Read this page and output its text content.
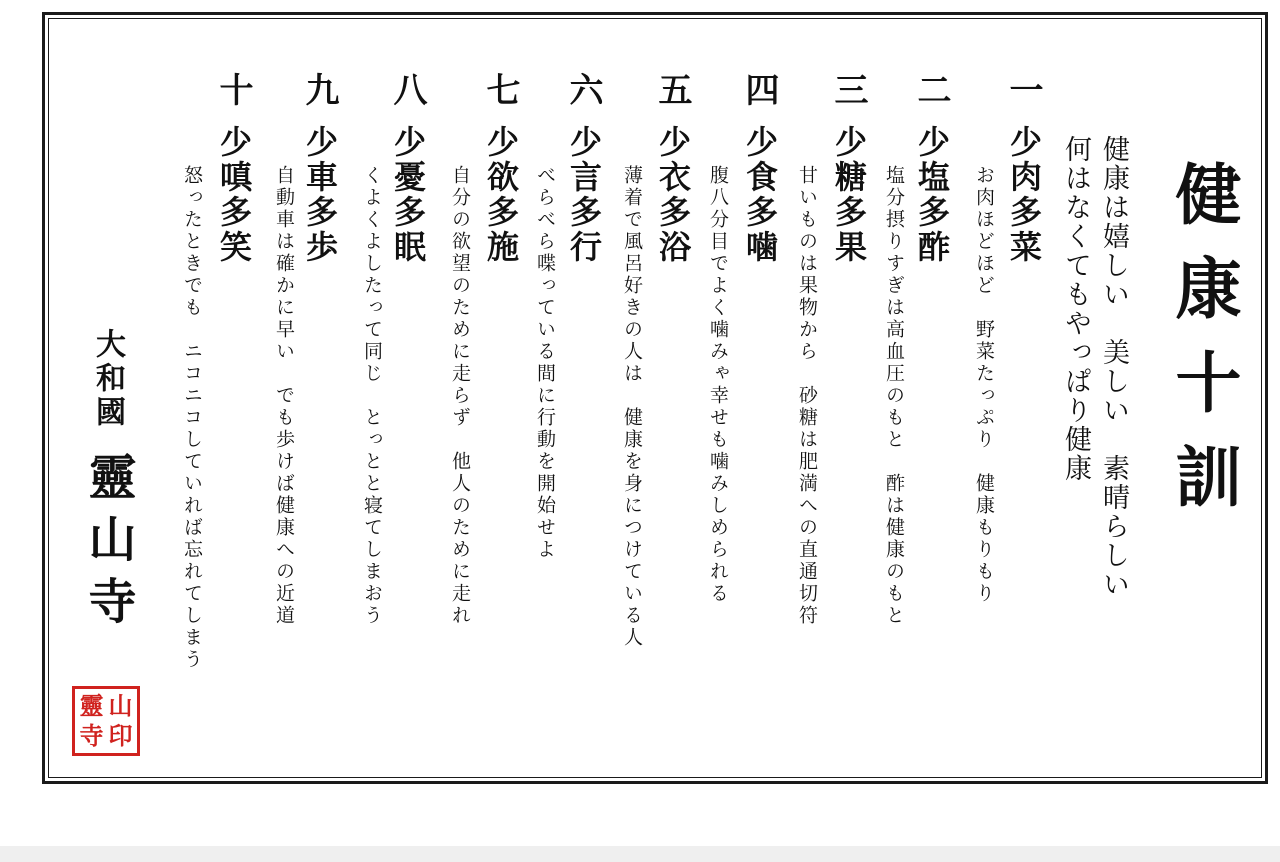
健康十訓
健康は嬉しい　美しい　素晴らしい
何はなくてもやっぱり健康
一
少肉多菜
お肉ほどほど　野菜たっぷり　健康もりもり
二
少塩多酢
塩分摂りすぎは高血圧のもと　酢は健康のもと
三
少糖多果
甘いものは果物から　砂糖は肥満への直通切符
四
少食多噛
腹八分目でよく噛みゃ幸せも噛みしめられる
五
少衣多浴
薄着で風呂好きの人は　健康を身につけている人
六
少言多行
べらべら喋っている間に行動を開始せよ
七
少欲多施
自分の欲望のために走らず　他人のために走れ
八
少憂多眠
くよくよしたって同じ　とっとと寝てしまおう
九
少車多歩
自動車は確かに早い　でも歩けば健康への近道
十
少嗔多笑
怒ったときでも　ニコニコしていれば忘れてしまう
大和國
靈山寺
靈 山
寺 印
